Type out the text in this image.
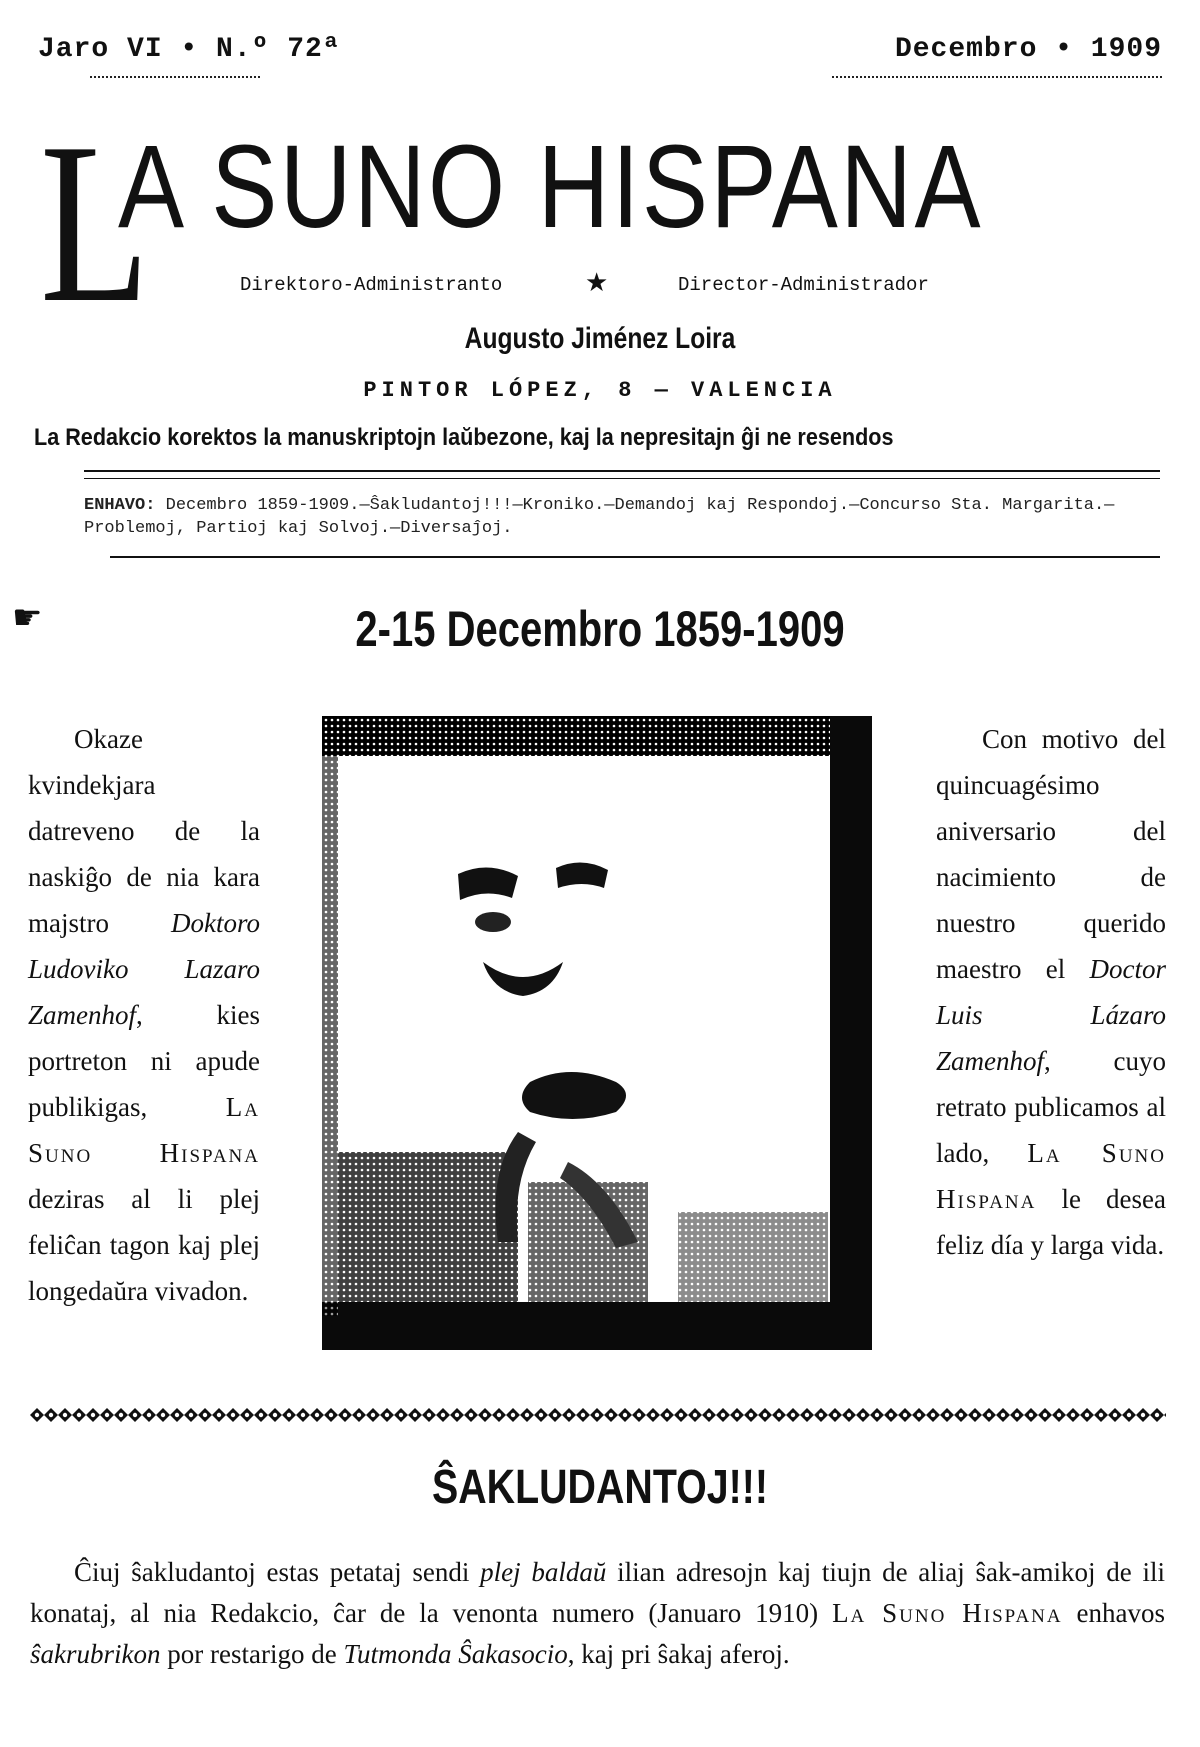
Jaro VI • N.º 72ª	Decembro • 1909
L
A SUNO HISPANA
Direktoro-Administranto	★	Director-Administrador
Augusto Jiménez Loira
PINTOR LÓPEZ, 8 — VALENCIA
La Redakcio korektos la manuskriptojn laŭbezone, kaj la nepresitajn ĝi ne resendos
ENHAVO: Decembro 1859-1909.—Ŝakludantoj!!!—Kroniko.—Demandoj kaj Respondoj.—Concurso Sta. Margarita.—Problemoj, Partioj kaj Solvoj.—Diversaĵoj.
☛	2-15 Decembro 1859-1909
Okaze kvindekjara datreveno de la naskiĝo de nia kara majstro Doktoro Ludoviko Lazaro Zamenhof, kies portreton ni apude publikigas, La Suno Hispana deziras al li plej feliĉan tagon kaj plej longedaŭra vivadon.
Con motivo del quincuagésimo aniversario del nacimiento de nuestro querido maestro el Doctor Luis Lázaro Zamenhof, cuyo retrato publicamos al lado, La Suno Hispana le desea feliz día y larga vida.
ŜAKLUDANTOJ!!!
Ĉiuj ŝakludantoj estas petataj sendi plej baldaŭ ilian adresojn kaj tiujn de aliaj ŝak-amikoj de ili konataj, al nia Redakcio, ĉar de la venonta numero (Januaro 1910) La Suno Hispana enhavos ŝakrubrikon por restarigo de Tutmonda Ŝakasocio, kaj pri ŝakaj aferoj.
